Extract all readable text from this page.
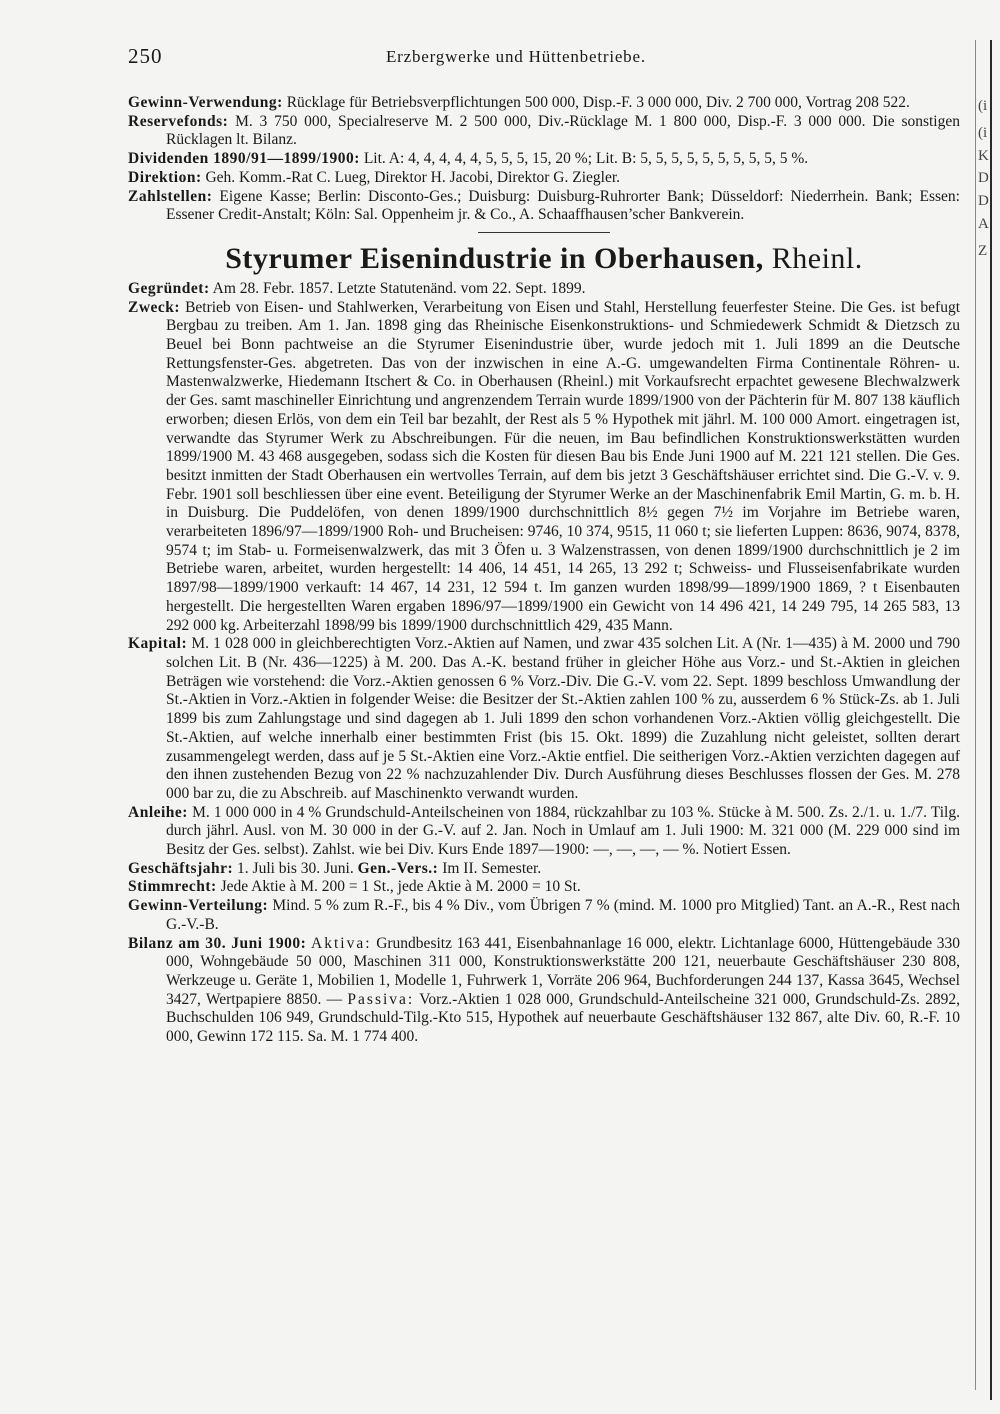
250	Erzbergwerke und Hüttenbetriebe.
(i
(i
K
D
D
A
Z

Gewinn-Verwendung: Rücklage für Betriebsverpflichtungen 500 000, Disp.-F. 3 000 000, Div. 2 700 000, Vortrag 208 522.

Reservefonds: M. 3 750 000, Specialreserve M. 2 500 000, Div.-Rücklage M. 1 800 000, Disp.-F. 3 000 000. Die sonstigen Rücklagen lt. Bilanz.

Dividenden 1890/91—1899/1900: Lit. A: 4, 4, 4, 4, 4, 5, 5, 5, 15, 20 %; Lit. B: 5, 5, 5, 5, 5, 5, 5, 5, 5, 5 %.

Direktion: Geh. Komm.-Rat C. Lueg, Direktor H. Jacobi, Direktor G. Ziegler.

Zahlstellen: Eigene Kasse; Berlin: Disconto-Ges.; Duisburg: Duisburg-Ruhrorter Bank; Düsseldorf: Niederrhein. Bank; Essen: Essener Credit-Anstalt; Köln: Sal. Oppenheim jr. & Co., A. Schaaffhausen’scher Bankverein.

Styrumer Eisenindustrie in Oberhausen, Rheinl.

Gegründet: Am 28. Febr. 1857. Letzte Statutenänd. vom 22. Sept. 1899.

Zweck: Betrieb von Eisen- und Stahlwerken, Verarbeitung von Eisen und Stahl, Herstellung feuerfester Steine. Die Ges. ist befugt Bergbau zu treiben. Am 1. Jan. 1898 ging das Rheinische Eisenkonstruktions- und Schmiedewerk Schmidt & Dietzsch zu Beuel bei Bonn pachtweise an die Styrumer Eisenindustrie über, wurde jedoch mit 1. Juli 1899 an die Deutsche Rettungsfenster-Ges. abgetreten. Das von der inzwischen in eine A.-G. umgewandelten Firma Continentale Röhren- u. Mastenwalzwerke, Hiedemann Itschert & Co. in Oberhausen (Rheinl.) mit Vorkaufsrecht erpachtet gewesene Blechwalzwerk der Ges. samt maschineller Einrichtung und angrenzendem Terrain wurde 1899/1900 von der Pächterin für M. 807 138 käuflich erworben; diesen Erlös, von dem ein Teil bar bezahlt, der Rest als 5 % Hypothek mit jährl. M. 100 000 Amort. eingetragen ist, verwandte das Styrumer Werk zu Abschreibungen. Für die neuen, im Bau befindlichen Konstruktionswerkstätten wurden 1899/1900 M. 43 468 ausgegeben, sodass sich die Kosten für diesen Bau bis Ende Juni 1900 auf M. 221 121 stellen. Die Ges. besitzt inmitten der Stadt Oberhausen ein wertvolles Terrain, auf dem bis jetzt 3 Geschäftshäuser errichtet sind. Die G.-V. v. 9. Febr. 1901 soll beschliessen über eine event. Beteiligung der Styrumer Werke an der Maschinenfabrik Emil Martin, G. m. b. H. in Duisburg. Die Puddelöfen, von denen 1899/1900 durchschnittlich 8½ gegen 7½ im Vorjahre im Betriebe waren, verarbeiteten 1896/97—1899/1900 Roh- und Brucheisen: 9746, 10 374, 9515, 11 060 t; sie lieferten Luppen: 8636, 9074, 8378, 9574 t; im Stab- u. Formeisenwalzwerk, das mit 3 Öfen u. 3 Walzenstrassen, von denen 1899/1900 durchschnittlich je 2 im Betriebe waren, arbeitet, wurden hergestellt: 14 406, 14 451, 14 265, 13 292 t; Schweiss- und Flusseisenfabrikate wurden 1897/98—1899/1900 verkauft: 14 467, 14 231, 12 594 t. Im ganzen wurden 1898/99—1899/1900 1869, ? t Eisenbauten hergestellt. Die hergestellten Waren ergaben 1896/97—1899/1900 ein Gewicht von 14 496 421, 14 249 795, 14 265 583, 13 292 000 kg. Arbeiterzahl 1898/99 bis 1899/1900 durchschnittlich 429, 435 Mann.

Kapital: M. 1 028 000 in gleichberechtigten Vorz.-Aktien auf Namen, und zwar 435 solchen Lit. A (Nr. 1—435) à M. 2000 und 790 solchen Lit. B (Nr. 436—1225) à M. 200. Das A.-K. bestand früher in gleicher Höhe aus Vorz.- und St.-Aktien in gleichen Beträgen wie vorstehend: die Vorz.-Aktien genossen 6 % Vorz.-Div. Die G.-V. vom 22. Sept. 1899 beschloss Umwandlung der St.-Aktien in Vorz.-Aktien in folgender Weise: die Besitzer der St.-Aktien zahlen 100 % zu, ausserdem 6 % Stück-Zs. ab 1. Juli 1899 bis zum Zahlungstage und sind dagegen ab 1. Juli 1899 den schon vorhandenen Vorz.-Aktien völlig gleichgestellt. Die St.-Aktien, auf welche innerhalb einer bestimmten Frist (bis 15. Okt. 1899) die Zuzahlung nicht geleistet, sollten derart zusammengelegt werden, dass auf je 5 St.-Aktien eine Vorz.-Aktie entfiel. Die seitherigen Vorz.-Aktien verzichten dagegen auf den ihnen zustehenden Bezug von 22 % nachzuzahlender Div. Durch Ausführung dieses Beschlusses flossen der Ges. M. 278 000 bar zu, die zu Abschreib. auf Maschinenkto verwandt wurden.

Anleihe: M. 1 000 000 in 4 % Grundschuld-Anteilscheinen von 1884, rückzahlbar zu 103 %. Stücke à M. 500. Zs. 2./1. u. 1./7. Tilg. durch jährl. Ausl. von M. 30 000 in der G.-V. auf 2. Jan. Noch in Umlauf am 1. Juli 1900: M. 321 000 (M. 229 000 sind im Besitz der Ges. selbst). Zahlst. wie bei Div. Kurs Ende 1897—1900: —, —, —, — %. Notiert Essen.

Geschäftsjahr: 1. Juli bis 30. Juni. Gen.-Vers.: Im II. Semester.

Stimmrecht: Jede Aktie à M. 200 = 1 St., jede Aktie à M. 2000 = 10 St.

Gewinn-Verteilung: Mind. 5 % zum R.-F., bis 4 % Div., vom Übrigen 7 % (mind. M. 1000 pro Mitglied) Tant. an A.-R., Rest nach G.-V.-B.

Bilanz am 30. Juni 1900: Aktiva: Grundbesitz 163 441, Eisenbahnanlage 16 000, elektr. Lichtanlage 6000, Hüttengebäude 330 000, Wohngebäude 50 000, Maschinen 311 000, Konstruktionswerkstätte 200 121, neuerbaute Geschäftshäuser 230 808, Werkzeuge u. Geräte 1, Mobilien 1, Modelle 1, Fuhrwerk 1, Vorräte 206 964, Buchforderungen 244 137, Kassa 3645, Wechsel 3427, Wertpapiere 8850. — Passiva: Vorz.-Aktien 1 028 000, Grundschuld-Anteilscheine 321 000, Grundschuld-Zs. 2892, Buchschulden 106 949, Grundschuld-Tilg.-Kto 515, Hypothek auf neuerbaute Geschäftshäuser 132 867, alte Div. 60, R.-F. 10 000, Gewinn 172 115. Sa. M. 1 774 400.
